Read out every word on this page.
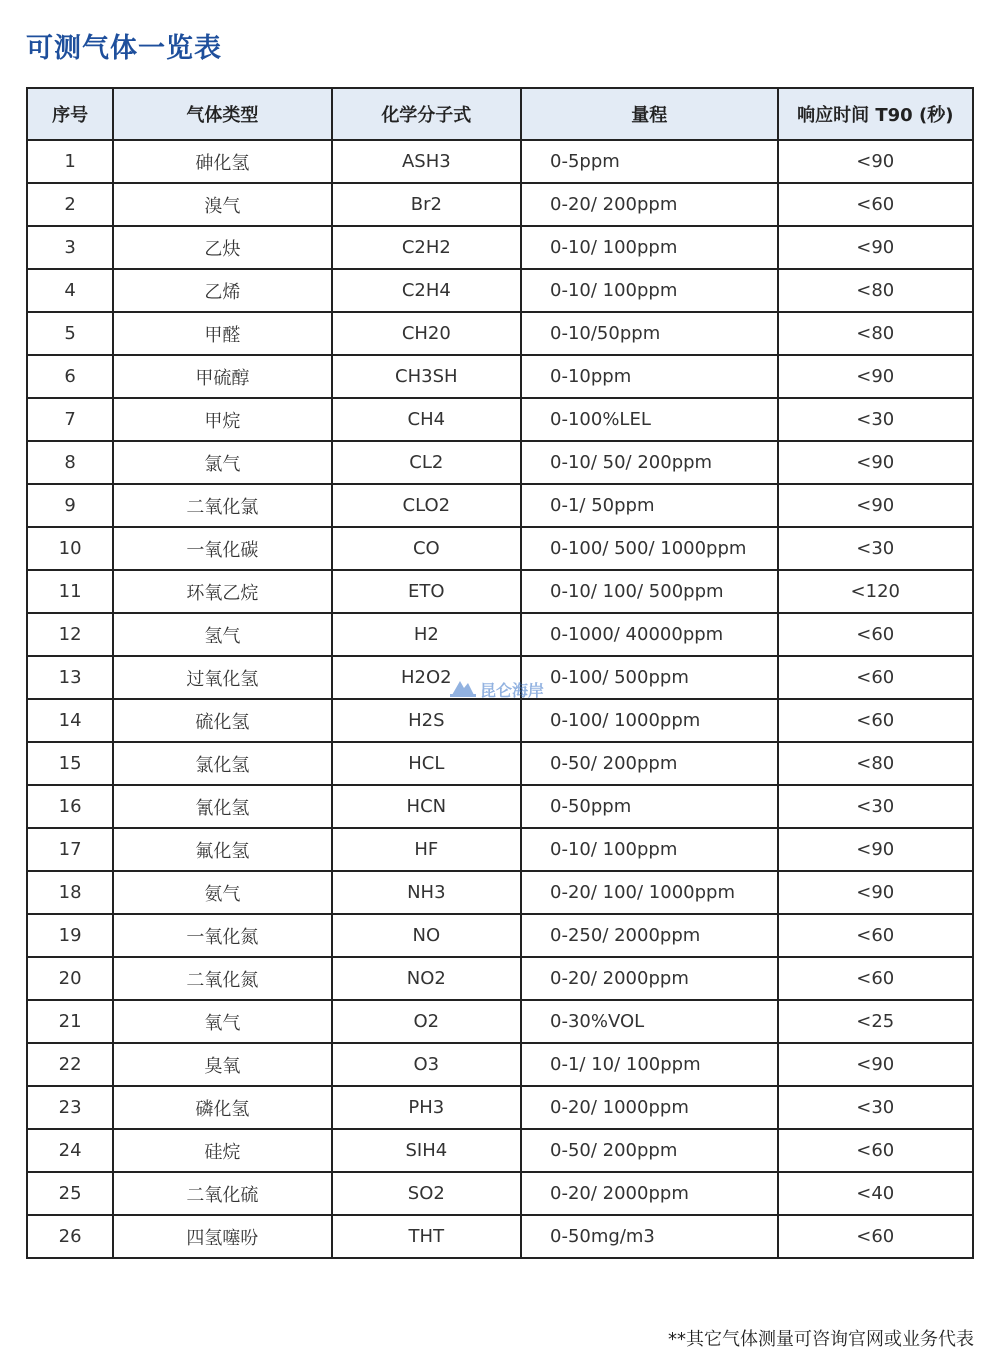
可测气体一览表
序号	气体类型	化学分子式	量程	响应时间 T90 (秒)
1	砷化氢	ASH3	0-5ppm	<90
2	溴气	Br2	0-20/ 200ppm	<60
3	乙炔	C2H2	0-10/ 100ppm	<90
4	乙烯	C2H4	0-10/ 100ppm	<80
5	甲醛	CH20	0-10/50ppm	<80
6	甲硫醇	CH3SH	0-10ppm	<90
7	甲烷	CH4	0-100%LEL	<30
8	氯气	CL2	0-10/ 50/ 200ppm	<90
9	二氧化氯	CLO2	0-1/ 50ppm	<90
10	一氧化碳	CO	0-100/ 500/ 1000ppm	<30
11	环氧乙烷	ETO	0-10/ 100/ 500ppm	<120
12	氢气	H2	0-1000/ 40000ppm	<60
13	过氧化氢	H2O2	0-100/ 500ppm	<60
14	硫化氢	H2S	0-100/ 1000ppm	<60
15	氯化氢	HCL	0-50/ 200ppm	<80
16	氰化氢	HCN	0-50ppm	<30
17	氟化氢	HF	0-10/ 100ppm	<90
18	氨气	NH3	0-20/ 100/ 1000ppm	<90
19	一氧化氮	NO	0-250/ 2000ppm	<60
20	二氧化氮	NO2	0-20/ 2000ppm	<60
21	氧气	O2	0-30%VOL	<25
22	臭氧	O3	0-1/ 10/ 100ppm	<90
23	磷化氢	PH3	0-20/ 1000ppm	<30
24	硅烷	SIH4	0-50/ 200ppm	<60
25	二氧化硫	SO2	0-20/ 2000ppm	<40
26	四氢噻吩	THT	0-50mg/m3	<60
昆仑海岸
**其它气体测量可咨询官网或业务代表
